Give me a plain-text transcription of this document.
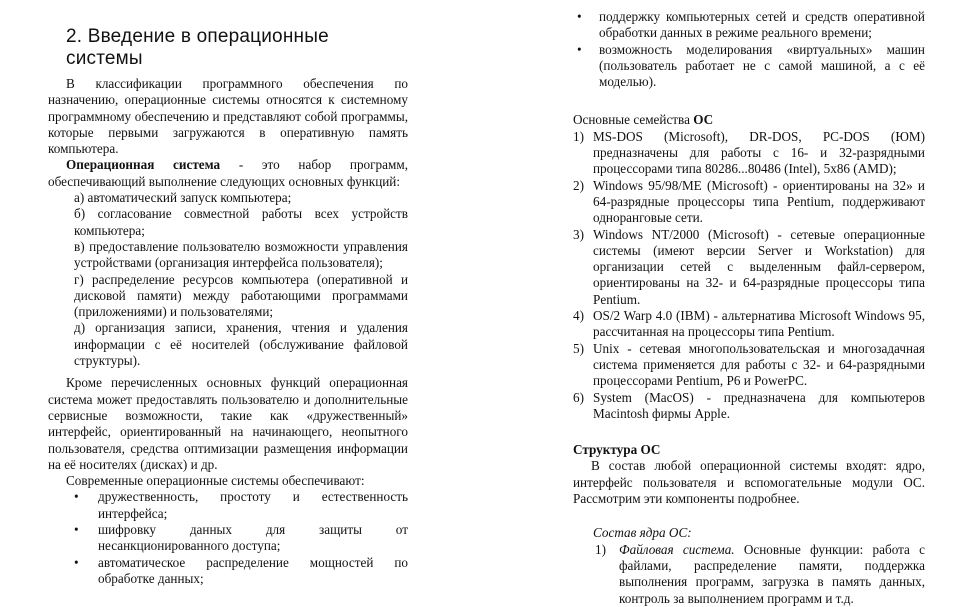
2. Введение в операционные системы

В классификации программного обеспечения по назначению, операционные системы относятся к системному программному обеспечению и представляют собой программы, которые первыми загружаются в оперативную память компьютера.

Операционная система - это набор программ, обеспечивающий выполнение следующих основных функций:

а) автоматический запуск компьютера;

б) согласование совместной работы всех устройств компьютера;

в) предоставление пользователю возможности управления устройствами (организация интерфейса пользователя);

г) распределение ресурсов компьютера (оперативной и дисковой памяти) между работающими программами (приложениями) и пользователями;

д) организация записи, хранения, чтения и удаления информации с её носителей (обслуживание файловой структуры).

Кроме перечисленных основных функций операционная система может предоставлять пользователю и дополнительные сервисные возможности, такие как «дружественный» интерфейс, ориентированный на начинающего, неопытного пользователя, средства оптимизации размещения информации на её носителях (дисках) и др.

Современные операционные системы обеспечивают:

• дружественность, простоту и естественность интерфейса;

• шифровку данных для защиты от несанкционированного доступа;

• автоматическое распределение мощностей по обработке данных;

• поддержку компьютерных сетей и средств оперативной обработки данных в режиме реального времени;

• возможность моделирования «виртуальных» машин (пользователь работает не с самой машиной, а с её моделью).

Основные семейства ОС

1) MS-DOS (Microsoft), DR-DOS, PC-DOS (ЮМ) предназначены для работы с 16- и 32-разрядными процессорами типа 80286...80486 (Intel), 5x86 (AMD);

2) Windows 95/98/ME (Microsoft) - ориентированы на 32» и 64-разрядные процессоры типа Pentium, поддерживают одноранговые сети.

3) Windows NT/2000 (Microsoft) - сетевые операционные системы (имеют версии Server и Workstation) для организации сетей с выделенным файл-сервером, ориентированы на 32- и 64-разрядные процессоры типа Pentium.

4) OS/2 Warp 4.0 (IBM) - альтернатива Microsoft Windows 95, рассчитанная на процессоры типа Pentium.

5) Unix - сетевая многопользовательская и многозадачная система применяется для работы с 32- и 64-разрядными процессорами Pentium, P6 и PowerPC.

6) System (MacOS) - предназначена для компьютеров Macintosh фирмы Apple.

Структура ОС

В состав любой операционной системы входят: ядро, интерфейс пользователя и вспомогательные модули ОС. Рассмотрим эти компоненты подробнее.

Состав ядра ОС:

1) Файловая система. Основные функции: работа с файлами, распределение памяти, поддержка выполнения программ, загрузка в память данных, контроль за выполнением программ и т.д.
